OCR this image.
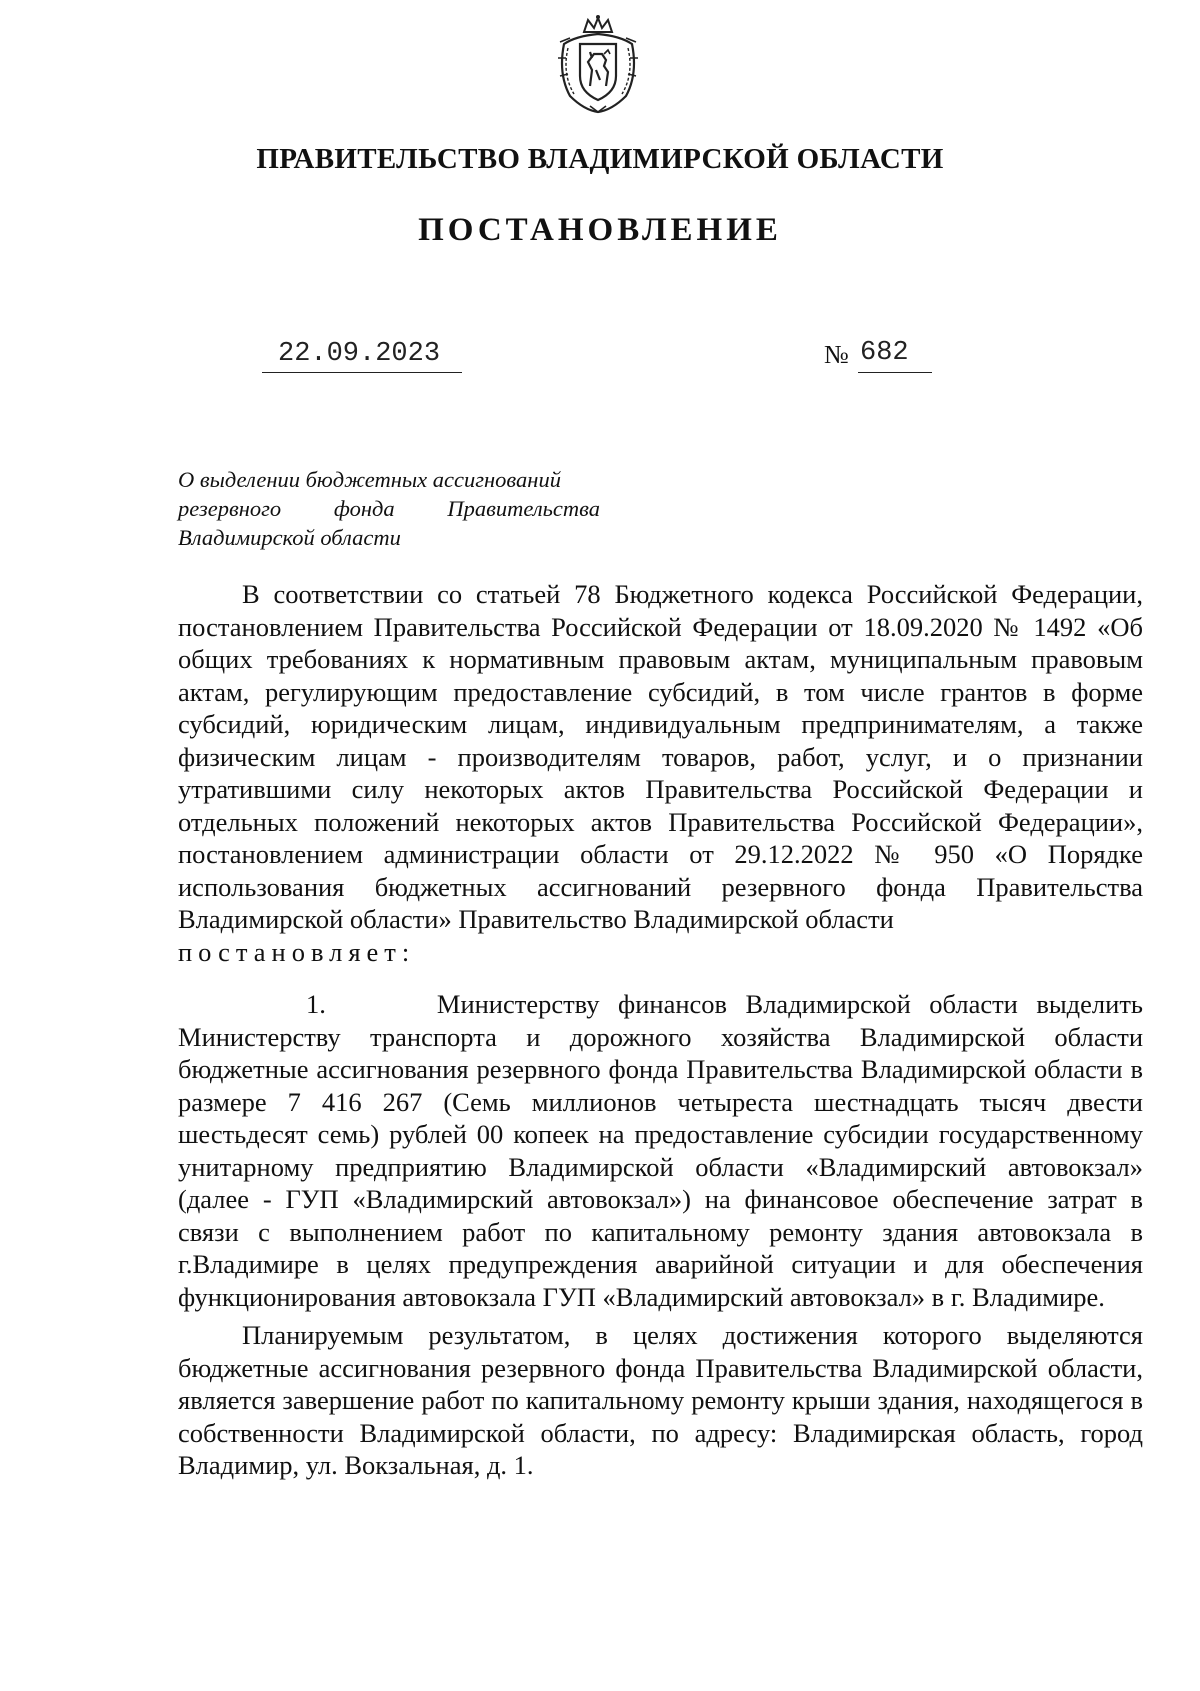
ПРАВИТЕЛЬСТВО ВЛАДИМИРСКОЙ ОБЛАСТИ
ПОСТАНОВЛЕНИЕ
22.09.2023	№ 682
О выделении бюджетных ассигнований
резервного фонда Правительства
Владимирской области

В соответствии со статьей 78 Бюджетного кодекса Российской Федерации, постановлением Правительства Российской Федерации от 18.09.2020 № 1492 «Об общих требованиях к нормативным правовым актам, муниципальным правовым актам, регулирующим предоставление субсидий, в том числе грантов в форме субсидий, юридическим лицам, индивидуальным предпринимателям, а также физическим лицам - производителям товаров, работ, услуг, и о признании утратившими силу некоторых актов Правительства Российской Федерации и отдельных положений некоторых актов Правительства Российской Федерации», постановлением администрации области от 29.12.2022 № 950 «О Порядке использования бюджетных ассигнований резервного фонда Правительства Владимирской области» Правительство Владимирской области
постановляет:

1.	Министерству финансов Владимирской области выделить Министерству транспорта и дорожного хозяйства Владимирской области бюджетные ассигнования резервного фонда Правительства Владимирской области в размере 7 416 267 (Семь миллионов четыреста шестнадцать тысяч двести шестьдесят семь) рублей 00 копеек на предоставление субсидии государственному унитарному предприятию Владимирской области «Владимирский автовокзал» (далее - ГУП «Владимирский автовокзал») на финансовое обеспечение затрат в связи с выполнением работ по капитальному ремонту здания автовокзала в г.Владимире в целях предупреждения аварийной ситуации и для обеспечения функционирования автовокзала ГУП «Владимирский автовокзал» в г. Владимире.

Планируемым результатом, в целях достижения которого выделяются бюджетные ассигнования резервного фонда Правительства Владимирской области, является завершение работ по капитальному ремонту крыши здания, находящегося в собственности Владимирской области, по адресу: Владимирская область, город Владимир, ул. Вокзальная, д. 1.
